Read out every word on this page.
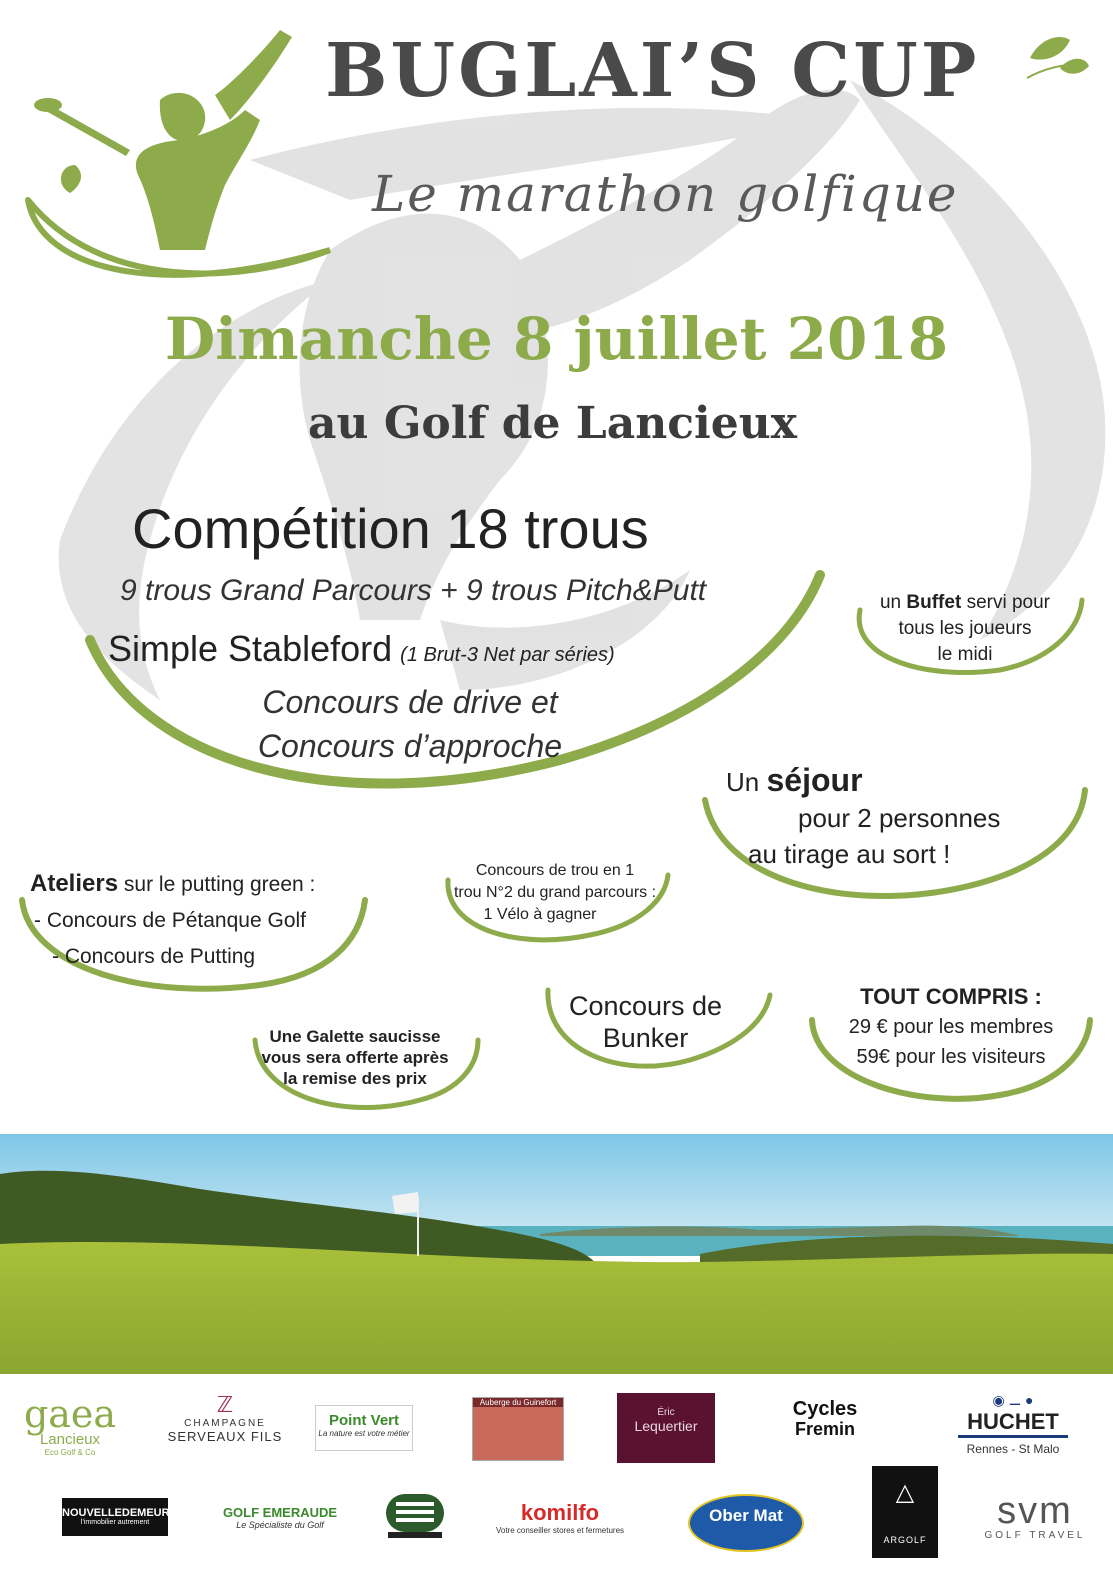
BUGLAI’S CUP
Le marathon golfique
Dimanche 8 juillet 2018
au Golf de Lancieux
Compétition 18 trous
9 trous Grand Parcours + 9 trous Pitch&Putt
Simple Stableford (1 Brut-3 Net par séries)
Concours de drive et
Concours d’approche
un Buffet servi pour
tous les joueurs
le midi
Un séjour
pour 2 personnes
au tirage au sort !
Ateliers sur le putting green :
- Concours de Pétanque Golf
- Concours de Putting
Concours de trou en 1
trou N°2 du grand parcours :
1 Vélo à gagner
Une Galette saucisse
vous sera offerte après
la remise des prix
Concours de
Bunker
TOUT COMPRIS :
29 € pour les membres
59€ pour les visiteurs
gaea
Lancieux
Eco Golf & Co
ℤ
CHAMPAGNE
SERVEAUX FILS
Point Vert
La nature est votre métier
Auberge du Guinefort
Éric
Lequertier
Cycles
Fremin
◉ ⚊ ●
HUCHET
Rennes - St Malo
NOUVELLEDEMEURE
l’immobilier autrement
GOLF EMERAUDE
Le Spécialiste du Golf	komilfo
Votre conseiller stores et fermetures
Ober Mat
△
ARGOLF
svm
GOLF TRAVEL
